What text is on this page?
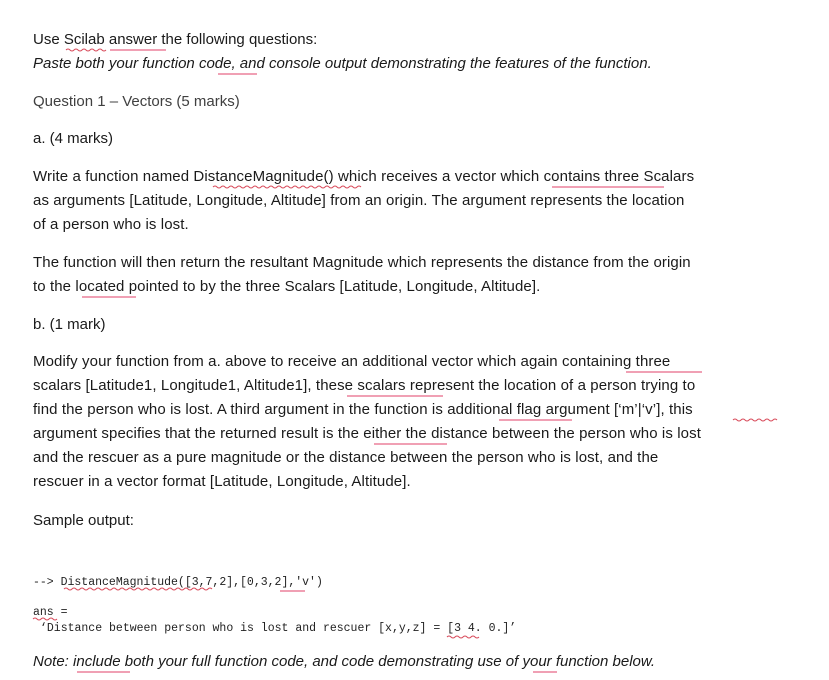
Use Scilab answer the following questions:
Paste both your function code, and console output demonstrating the features of the function.
Question 1 – Vectors (5 marks)
a. (4 marks)
Write a function named DistanceMagnitude() which receives a vector which contains three Scalars
as arguments [Latitude, Longitude, Altitude] from an origin. The argument represents the location
of a person who is lost.
The function will then return the resultant Magnitude which represents the distance from the origin
to the located pointed to by the three Scalars [Latitude, Longitude, Altitude].
b. (1 mark)
Modify your function from a. above to receive an additional vector which again containing three
scalars [Latitude1, Longitude1, Altitude1], these scalars represent the location of a person trying to
find the person who is lost. A third argument in the function is additional flag argument [‘m’|‘v’], this
argument specifies that the returned result is the either the distance between the person who is lost
and the rescuer as a pure magnitude or the distance between the person who is lost, and the
rescuer in a vector format [Latitude, Longitude, Altitude].
Sample output:
--> DistanceMagnitude([3,7,2],[0,3,2],'v')
ans =
‘Distance between person who is lost and rescuer [x,y,z] = [3 4. 0.]’
Note: include both your full function code, and code demonstrating use of your function below.
